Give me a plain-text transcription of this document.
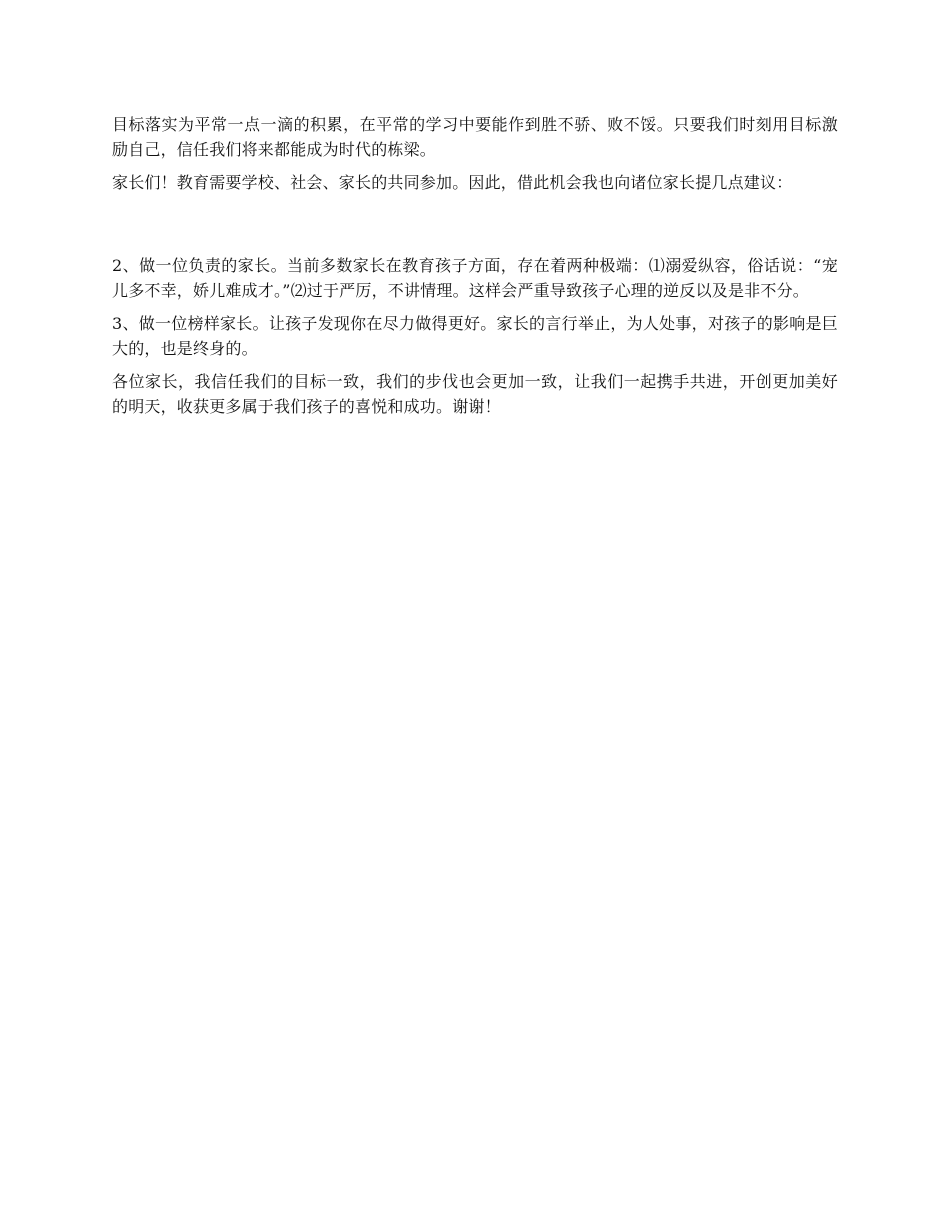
目标落实为平常一点一滴的积累，在平常的学习中要能作到胜不骄、败不馁。只要我们时刻用目标激励自己，信任我们将来都能成为时代的栋梁。

家长们！教育需要学校、社会、家长的共同参加。因此，借此机会我也向诸位家长提几点建议：

2、做一位负责的家长。当前多数家长在教育孩子方面，存在着两种极端：⑴溺爱纵容，俗话说：“宠儿多不幸，娇儿难成才。”⑵过于严厉，不讲情理。这样会严重导致孩子心理的逆反以及是非不分。

3、做一位榜样家长。让孩子发现你在尽力做得更好。家长的言行举止，为人处事，对孩子的影响是巨大的，也是终身的。

各位家长，我信任我们的目标一致，我们的步伐也会更加一致，让我们一起携手共进，开创更加美好的明天，收获更多属于我们孩子的喜悦和成功。谢谢！
